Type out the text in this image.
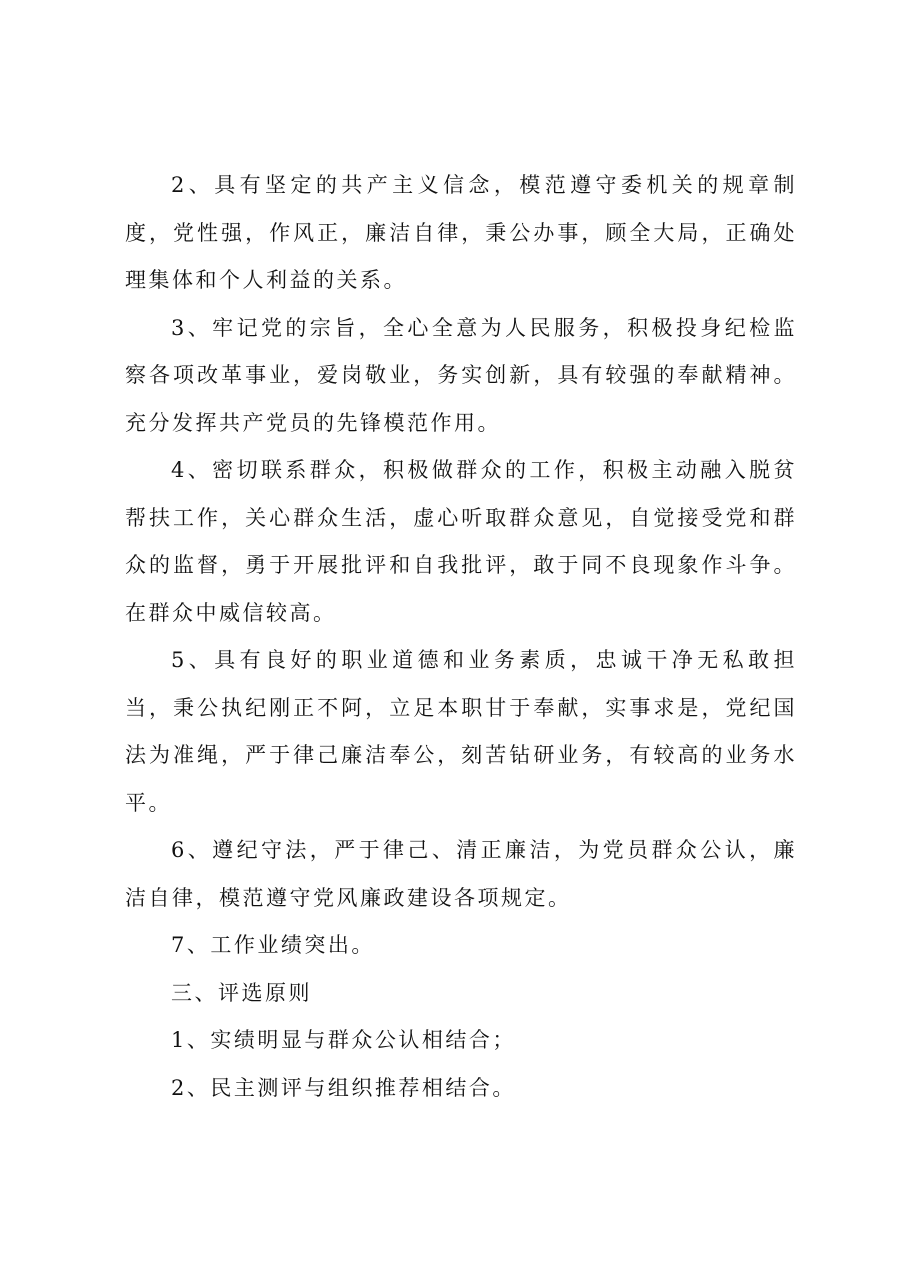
2、具有坚定的共产主义信念，模范遵守委机关的规章制度，党性强，作风正，廉洁自律，秉公办事，顾全大局，正确处理集体和个人利益的关系。

3、牢记党的宗旨，全心全意为人民服务，积极投身纪检监察各项改革事业，爱岗敬业，务实创新，具有较强的奉献精神。充分发挥共产党员的先锋模范作用。

4、密切联系群众，积极做群众的工作，积极主动融入脱贫帮扶工作，关心群众生活，虚心听取群众意见，自觉接受党和群众的监督，勇于开展批评和自我批评，敢于同不良现象作斗争。在群众中威信较高。

5、具有良好的职业道德和业务素质，忠诚干净无私敢担当，秉公执纪刚正不阿，立足本职甘于奉献，实事求是，党纪国法为准绳，严于律己廉洁奉公，刻苦钻研业务，有较高的业务水平。

6、遵纪守法，严于律己、清正廉洁，为党员群众公认，廉洁自律，模范遵守党风廉政建设各项规定。

7、工作业绩突出。

三、评选原则

1、实绩明显与群众公认相结合；

2、民主测评与组织推荐相结合。
